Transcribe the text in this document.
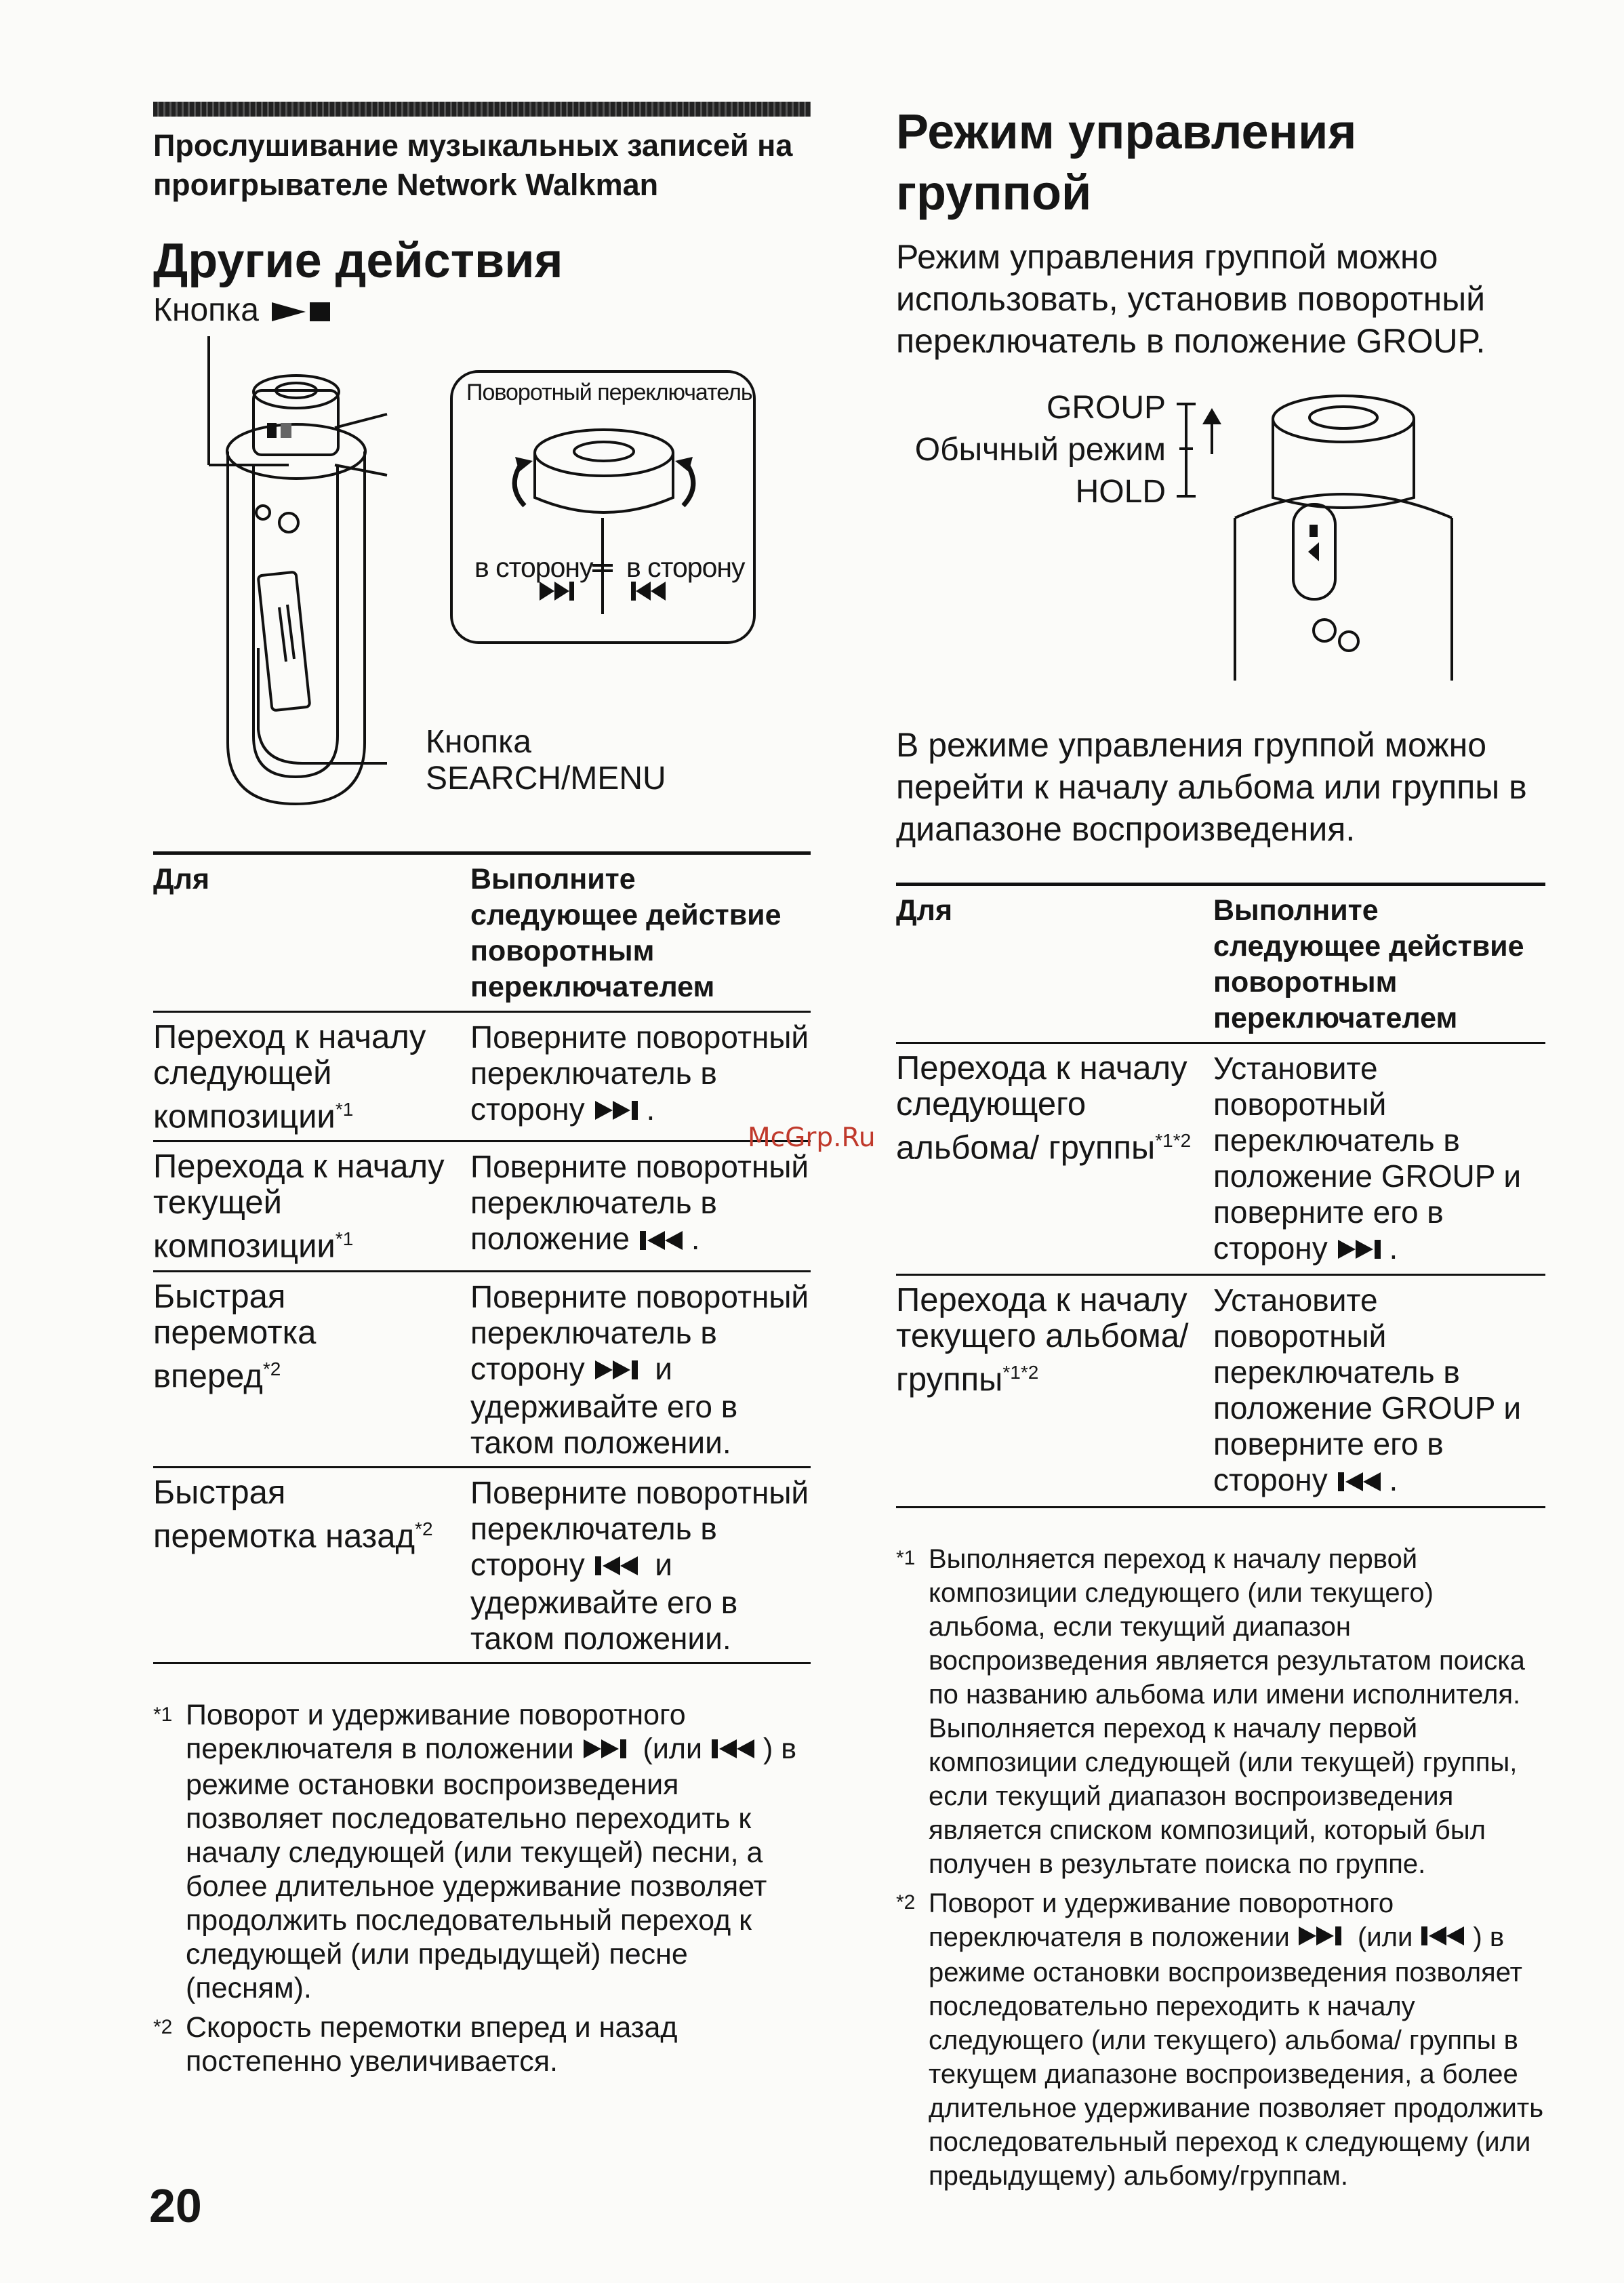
Прослушивание музыкальных записей на проигрывателе Network Walkman
Другие действия
Кнопка
Поворотный переключатель
в сторону в сторону
Кнопка
SEARCH/MENU
Для	Выполните следующее действие поворотным переключателем
Переход к началу следующей композиции$^{*1}$	Поверните поворотный переключатель в сторону .
Перехода к началу текущей композиции$^{*1}$	Поверните поворотный переключатель в положение .
Быстрая перемотка вперед$^{*2}$	Поверните поворотный переключатель в сторону и удерживайте его в таком положении.
Быстрая перемотка назад$^{*2}$	Поверните поворотный переключатель в сторону и удерживайте его в таком положении.
*1 Поворот и удерживание поворотного переключателя в положении (или ) в режиме остановки воспроизведения позволяет последовательно переходить к началу следующей (или текущей) песни, а более длительное удерживание позволяет продолжить последовательный переход к следующей (или предыдущей) песне (песням).
*2 Скорость перемотки вперед и назад постепенно увеличивается.
Режим управления группой
Режим управления группой можно использовать, установив поворотный переключатель в положение GROUP.
GROUP
Обычный режим
HOLD
В режиме управления группой можно перейти к началу альбома или группы в диапазоне воспроизведения.
Для	Выполните следующее действие поворотным переключателем
Перехода к началу следующего альбома/ группы$^{*1*2}$	Установите поворотный переключатель в положение GROUP и поверните его в сторону .
Перехода к началу текущего альбома/ группы$^{*1*2}$	Установите поворотный переключатель в положение GROUP и поверните его в сторону .
*1 Выполняется переход к началу первой композиции следующего (или текущего) альбома, если текущий диапазон воспроизведения является результатом поиска по названию альбома или имени исполнителя. Выполняется переход к началу первой композиции следующей (или текущей) группы, если текущий диапазон воспроизведения является списком композиций, который был получен в результате поиска по группе.
*2 Поворот и удерживание поворотного переключателя в положении	(или ) в режиме остановки воспроизведения позволяет последовательно переходить к началу следующего (или текущего) альбома/ группы в текущем диапазоне воспроизведения, а более длительное удерживание позволяет продолжить последовательный переход к следующему (или предыдущему) альбому/группам.
20
McGrp.Ru
